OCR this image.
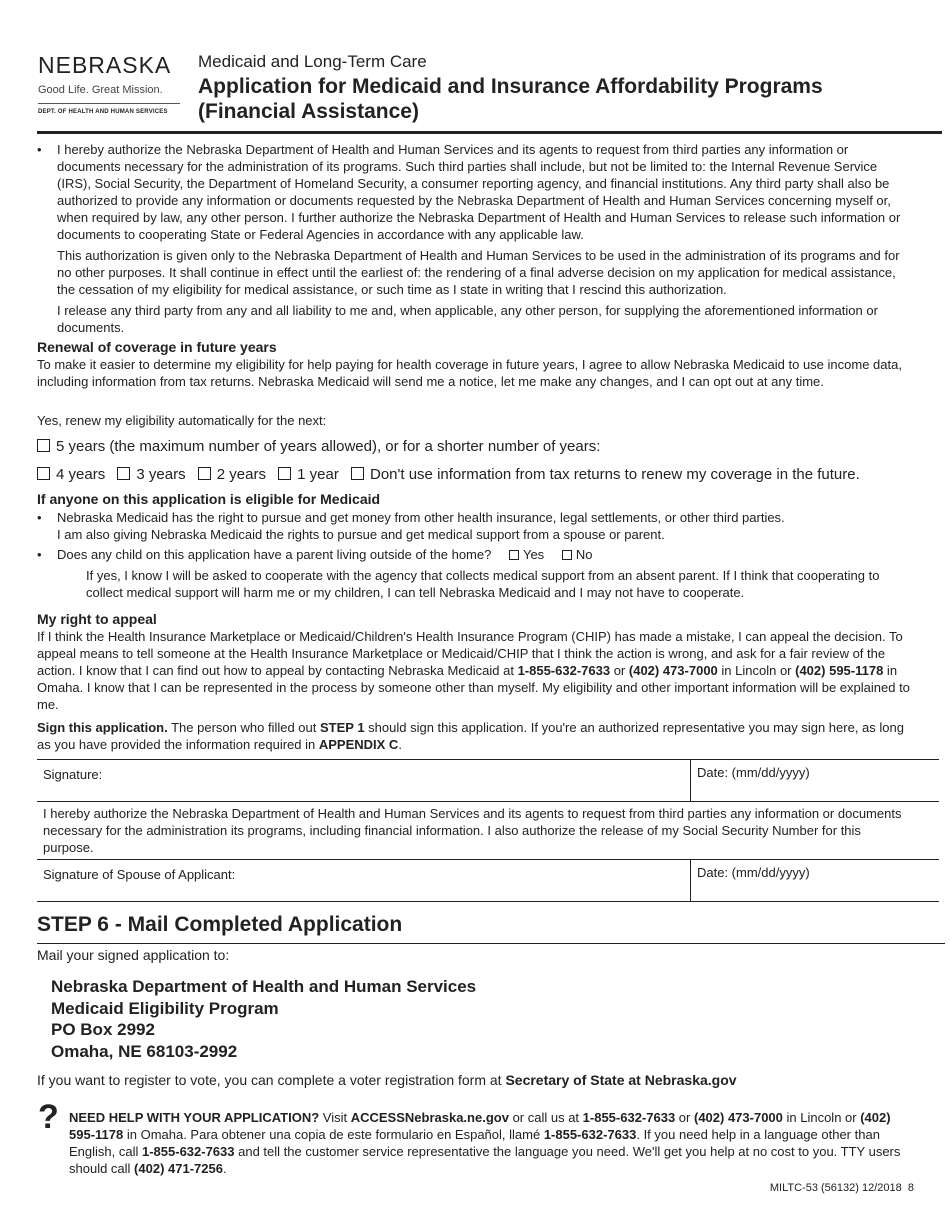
NEBRASKA
Good Life. Great Mission.
DEPT. OF HEALTH AND HUMAN SERVICES
Medicaid and Long-Term Care
Application for Medicaid and Insurance Affordability Programs
(Financial Assistance)
•	I hereby authorize the Nebraska Department of Health and Human Services and its agents to request from third parties any information or documents necessary for the administration of its programs. Such third parties shall include, but not be limited to: the Internal Revenue Service (IRS), Social Security, the Department of Homeland Security, a consumer reporting agency, and financial institutions. Any third party shall also be authorized to provide any information or documents requested by the Nebraska Department of Health and Human Services concerning myself or, when required by law, any other person. I further authorize the Nebraska Department of Health and Human Services to release such information or documents to cooperating State or Federal Agencies in accordance with any applicable law.
This authorization is given only to the Nebraska Department of Health and Human Services to be used in the administration of its programs and for no other purposes. It shall continue in effect until the earliest of: the rendering of a final adverse decision on my application for medical assistance, the cessation of my eligibility for medical assistance, or such time as I state in writing that I rescind this authorization.
I release any third party from any and all liability to me and, when applicable, any other person, for supplying the aforementioned information or documents.
Renewal of coverage in future years
To make it easier to determine my eligibility for help paying for health coverage in future years, I agree to allow Nebraska Medicaid to use income data, including information from tax returns. Nebraska Medicaid will send me a notice, let me make any changes, and I can opt out at any time.
Yes, renew my eligibility automatically for the next:
5 years (the maximum number of years allowed), or for a shorter number of years:
4 years 3 years 2 years 1 year Don't use information from tax returns to renew my coverage in the future.
If anyone on this application is eligible for Medicaid
•	Nebraska Medicaid has the right to pursue and get money from other health insurance, legal settlements, or other third parties.
I am also giving Nebraska Medicaid the rights to pursue and get medical support from a spouse or parent.
•	Does any child on this application have a parent living outside of the home? Yes No
If yes, I know I will be asked to cooperate with the agency that collects medical support from an absent parent. If I think that cooperating to collect medical support will harm me or my children, I can tell Nebraska Medicaid and I may not have to cooperate.
My right to appeal
If I think the Health Insurance Marketplace or Medicaid/Children's Health Insurance Program (CHIP) has made a mistake, I can appeal the decision. To appeal means to tell someone at the Health Insurance Marketplace or Medicaid/CHIP that I think the action is wrong, and ask for a fair review of the action. I know that I can find out how to appeal by contacting Nebraska Medicaid at 1-855-632-7633 or (402) 473-7000 in Lincoln or (402) 595-1178 in Omaha. I know that I can be represented in the process by someone other than myself. My eligibility and other important information will be explained to me.
Sign this application. The person who filled out STEP 1 should sign this application. If you're an authorized representative you may sign here, as long as you have provided the information required in APPENDIX C.
Signature:	Date: (mm/dd/yyyy)
I hereby authorize the Nebraska Department of Health and Human Services and its agents to request from third parties any information or documents necessary for the administration its programs, including financial information. I also authorize the release of my Social Security Number for this purpose.
Signature of Spouse of Applicant:	Date: (mm/dd/yyyy)
STEP 6 - Mail Completed Application
Mail your signed application to:
Nebraska Department of Health and Human Services
Medicaid Eligibility Program
PO Box 2992
Omaha, NE 68103-2992
If you want to register to vote, you can complete a voter registration form at Secretary of State at Nebraska.gov
? NEED HELP WITH YOUR APPLICATION? Visit ACCESSNebraska.ne.gov or call us at 1-855-632-7633 or (402) 473-7000 in Lincoln or (402) 595-1178 in Omaha. Para obtener una copia de este formulario en Español, llamé 1-855-632-7633. If you need help in a language other than English, call 1-855-632-7633 and tell the customer service representative the language you need. We'll get you help at no cost to you. TTY users should call (402) 471-7256.
MILTC-53 (56132) 12/2018 8
